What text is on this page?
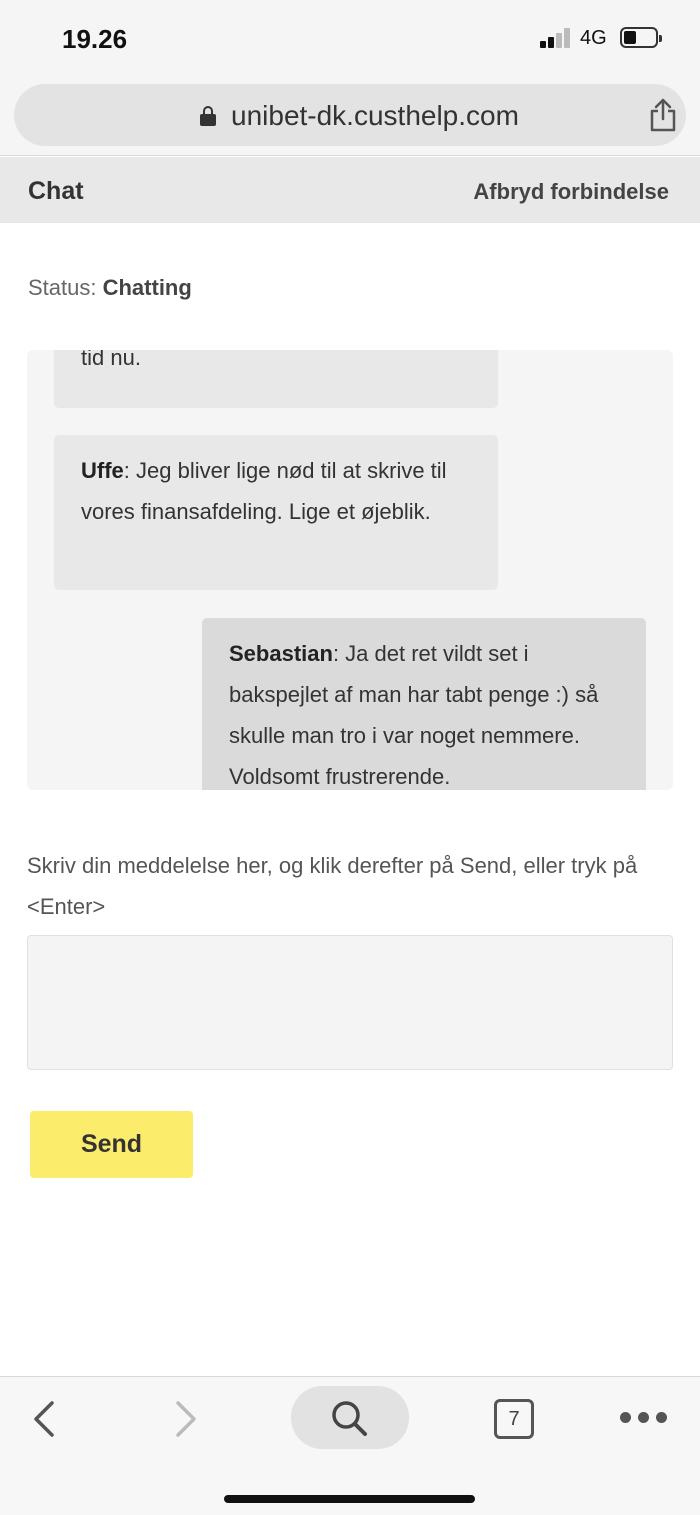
19.26	4G
unibet-dk.custhelp.com
Chat	Afbryd forbindelse
Status: Chatting
tid nu.
Uffe: Jeg bliver lige nød til at skrive til vores finansafdeling. Lige et øjeblik.
Sebastian: Ja det ret vildt set i bakspejlet af man har tabt penge :) så skulle man tro i var noget nemmere. Voldsomt frustrerende.
Skriv din meddelelse her, og klik derefter på Send, eller tryk på <Enter>
Send
7
